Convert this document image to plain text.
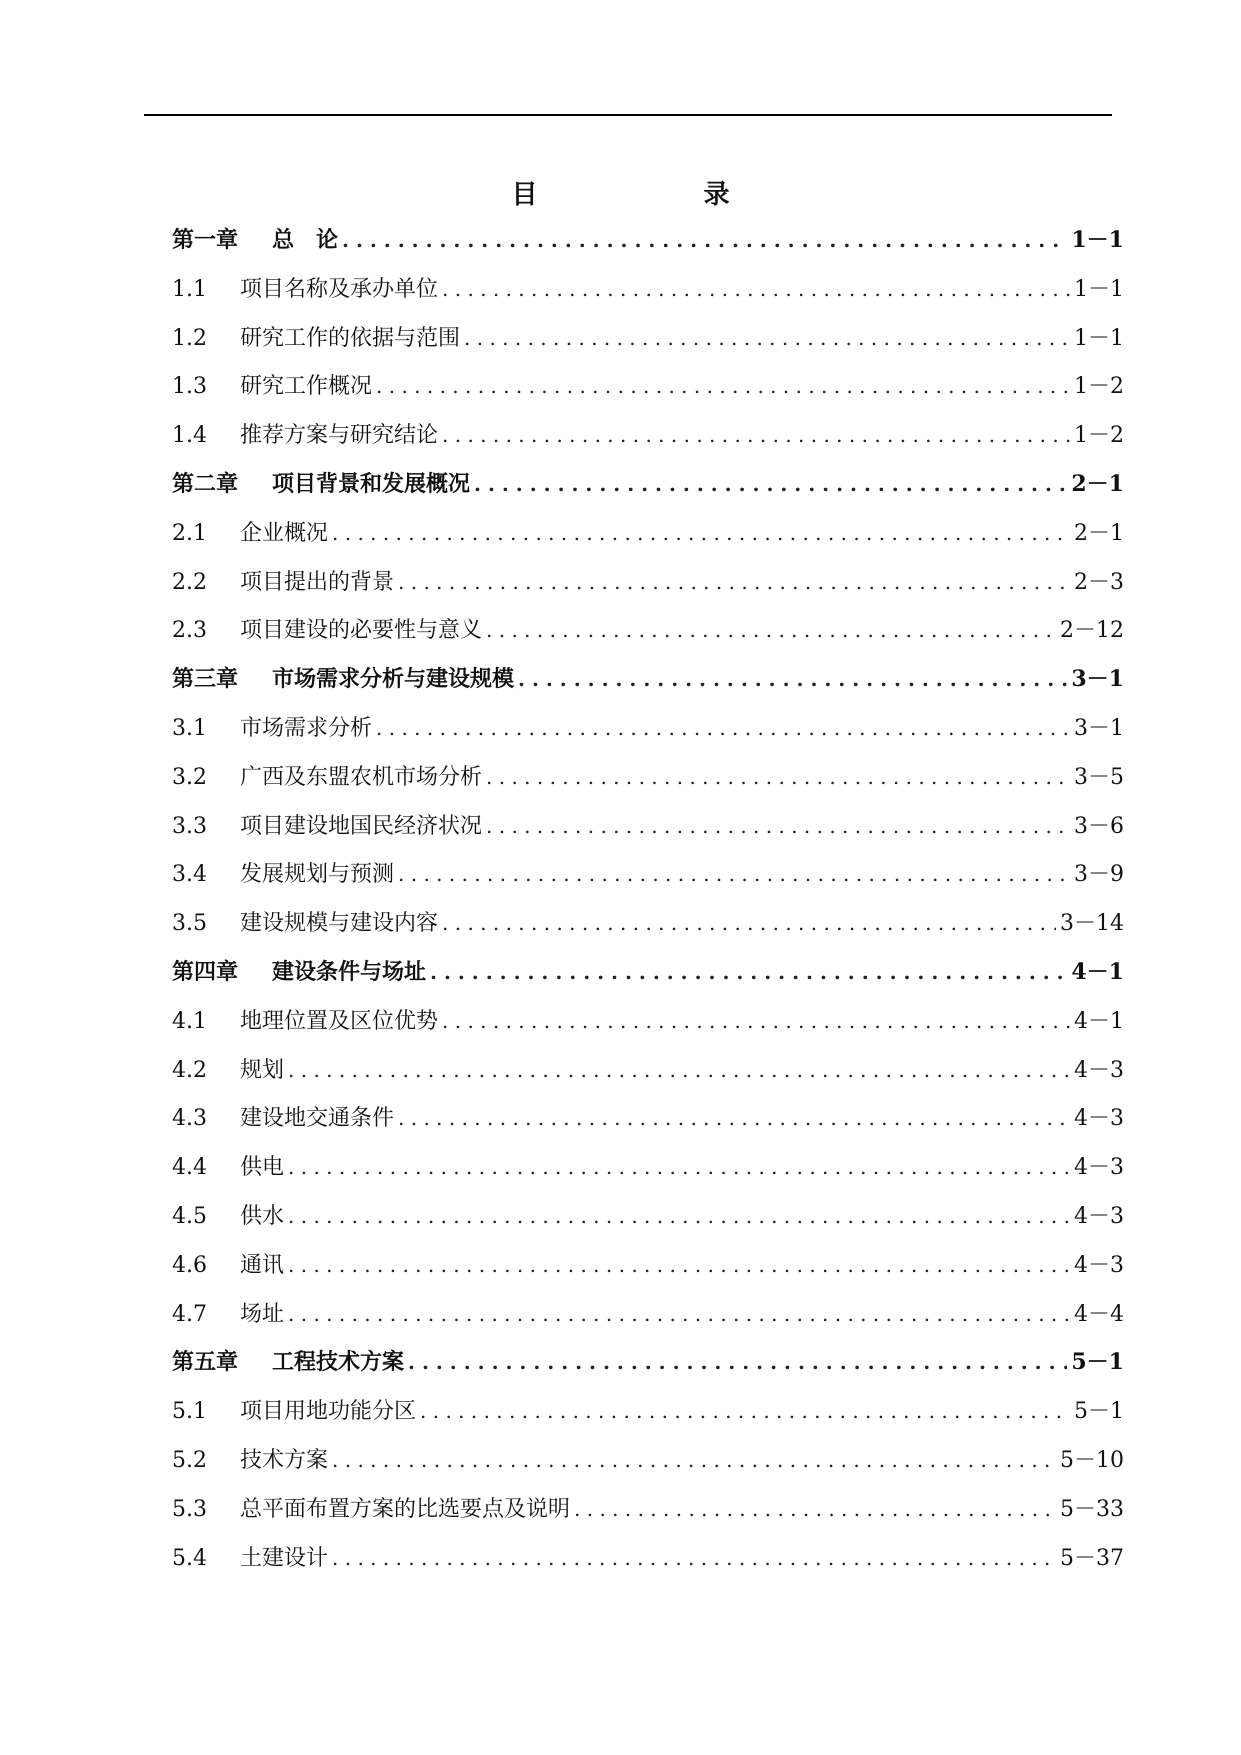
目　　录
第一章	总　论 . . .	1－1
1.1	项目名称及承办单位 . . .	1－1
1.2	研究工作的依据与范围 . . .	1－1
1.3	研究工作概况 . . .	1－2
1.4	推荐方案与研究结论 . . .	1－2
第二章	项目背景和发展概况 . . .	2－1
2.1	企业概况 . . .	2－1
2.2	项目提出的背景 . . .	2－3
2.3	项目建设的必要性与意义 . . .	2－12
第三章	市场需求分析与建设规模 . . .	3－1
3.1	市场需求分析 . . .	3－1
3.2	广西及东盟农机市场分析 . . .	3－5
3.3	项目建设地国民经济状况 . . .	3－6
3.4	发展规划与预测 . . .	3－9
3.5	建设规模与建设内容 . . .	3－14
第四章	建设条件与场址 . . .	4－1
4.1	地理位置及区位优势 . . .	4－1
4.2	规划 . . .	4－3
4.3	建设地交通条件 . . .	4－3
4.4	供电 . . .	4－3
4.5	供水 . . .	4－3
4.6	通讯 . . .	4－3
4.7	场址 . . .	4－4
第五章	工程技术方案 . . .	5－1
5.1	项目用地功能分区 . . .	5－1
5.2	技术方案 . . .	5－10
5.3	总平面布置方案的比选要点及说明 . . .	5－33
5.4	土建设计 . . .	5－37
